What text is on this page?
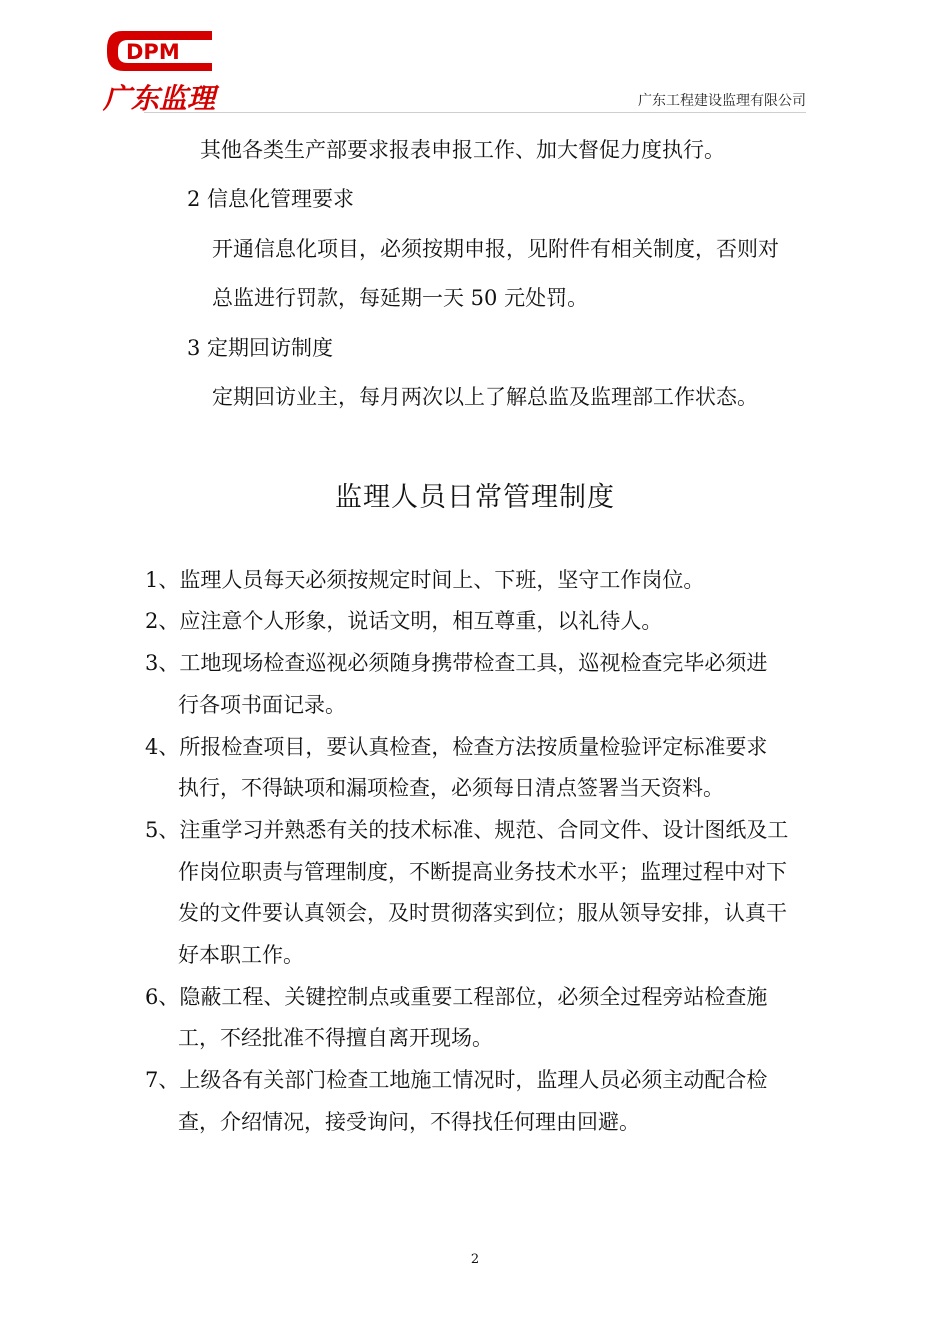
DPM
广东监理	广东工程建设监理有限公司
其他各类生产部要求报表申报工作、加大督促力度执行。
2 信息化管理要求
开通信息化项目，必须按期申报，见附件有相关制度，否则对
总监进行罚款，每延期一天 50 元处罚。
3 定期回访制度
定期回访业主，每月两次以上了解总监及监理部工作状态。
监理人员日常管理制度
1、监理人员每天必须按规定时间上、下班，坚守工作岗位。
2、应注意个人形象，说话文明，相互尊重，以礼待人。
3、工地现场检查巡视必须随身携带检查工具，巡视检查完毕必须进
行各项书面记录。
4、所报检查项目，要认真检查，检查方法按质量检验评定标准要求
执行，不得缺项和漏项检查，必须每日清点签署当天资料。
5、注重学习并熟悉有关的技术标准、规范、合同文件、设计图纸及工
作岗位职责与管理制度，不断提高业务技术水平；监理过程中对下
发的文件要认真领会，及时贯彻落实到位；服从领导安排，认真干
好本职工作。
6、隐蔽工程、关键控制点或重要工程部位，必须全过程旁站检查施
工，不经批准不得擅自离开现场。
7、上级各有关部门检查工地施工情况时，监理人员必须主动配合检
查，介绍情况，接受询问，不得找任何理由回避。
2
